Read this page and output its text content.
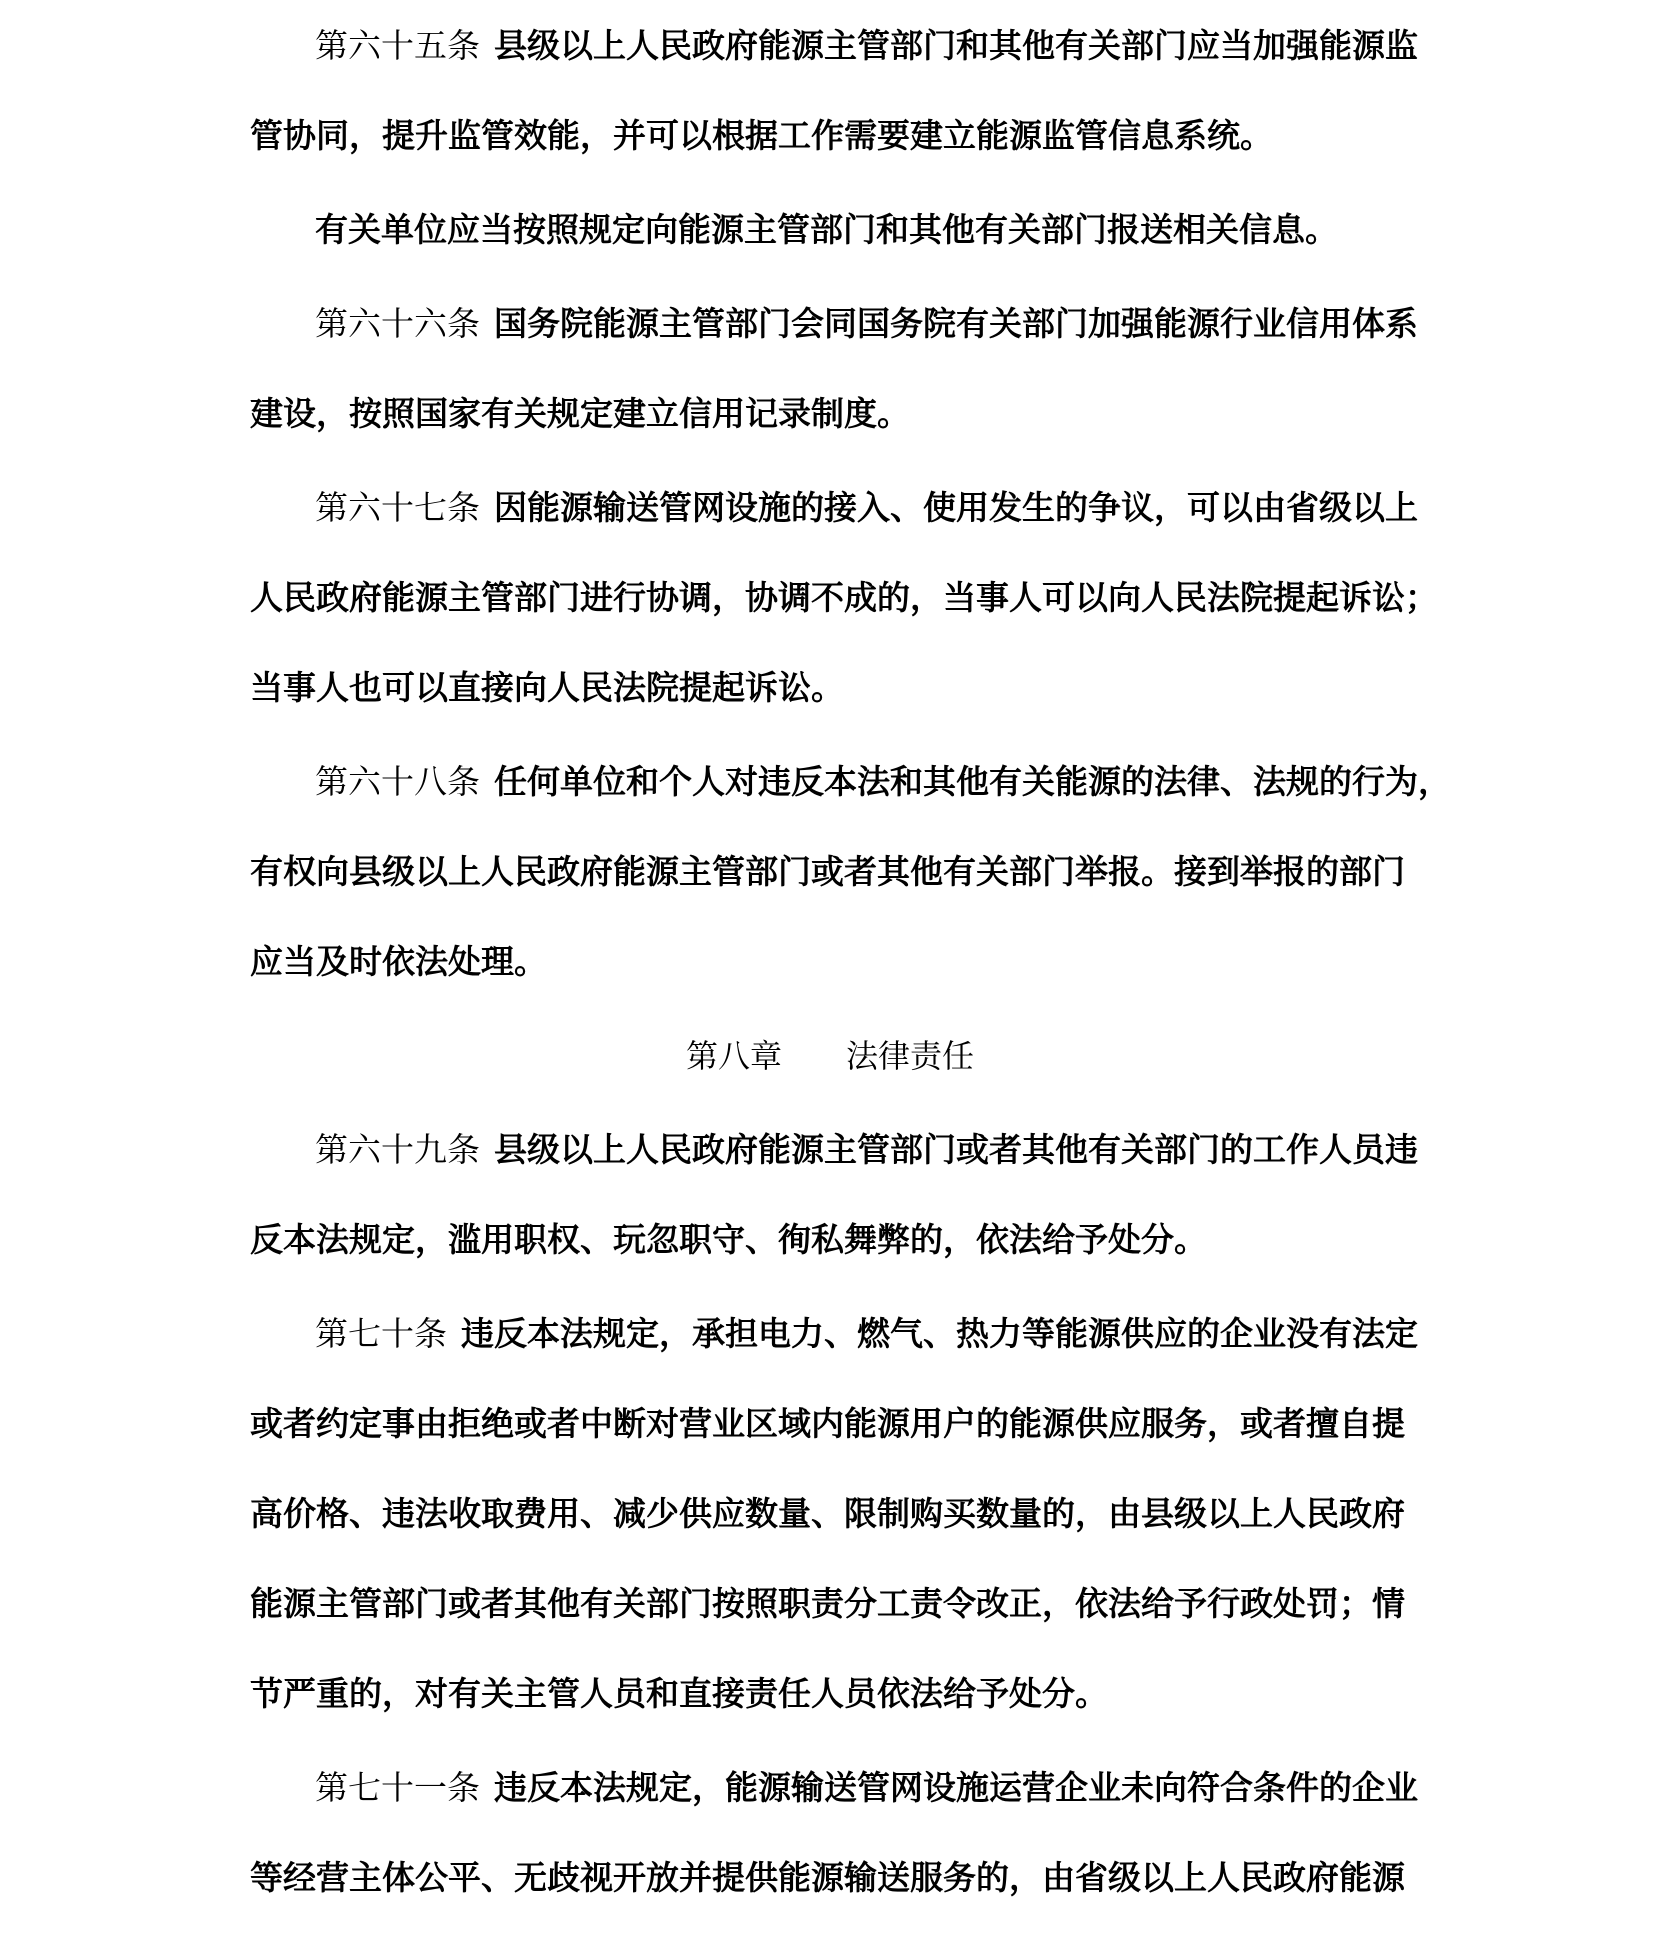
第六十五条 县级以上人民政府能源主管部门和其他有关部门应当加强能源监
管协同，提升监管效能，并可以根据工作需要建立能源监管信息系统。
有关单位应当按照规定向能源主管部门和其他有关部门报送相关信息。
第六十六条 国务院能源主管部门会同国务院有关部门加强能源行业信用体系
建设，按照国家有关规定建立信用记录制度。
第六十七条 因能源输送管网设施的接入、使用发生的争议，可以由省级以上
人民政府能源主管部门进行协调，协调不成的，当事人可以向人民法院提起诉讼；
当事人也可以直接向人民法院提起诉讼。
第六十八条 任何单位和个人对违反本法和其他有关能源的法律、法规的行为，
有权向县级以上人民政府能源主管部门或者其他有关部门举报。接到举报的部门
应当及时依法处理。
第八章　　法律责任
第六十九条 县级以上人民政府能源主管部门或者其他有关部门的工作人员违
反本法规定，滥用职权、玩忽职守、徇私舞弊的，依法给予处分。
第七十条 违反本法规定，承担电力、燃气、热力等能源供应的企业没有法定
或者约定事由拒绝或者中断对营业区域内能源用户的能源供应服务，或者擅自提
高价格、违法收取费用、减少供应数量、限制购买数量的，由县级以上人民政府
能源主管部门或者其他有关部门按照职责分工责令改正，依法给予行政处罚；情
节严重的，对有关主管人员和直接责任人员依法给予处分。
第七十一条 违反本法规定，能源输送管网设施运营企业未向符合条件的企业
等经营主体公平、无歧视开放并提供能源输送服务的，由省级以上人民政府能源
